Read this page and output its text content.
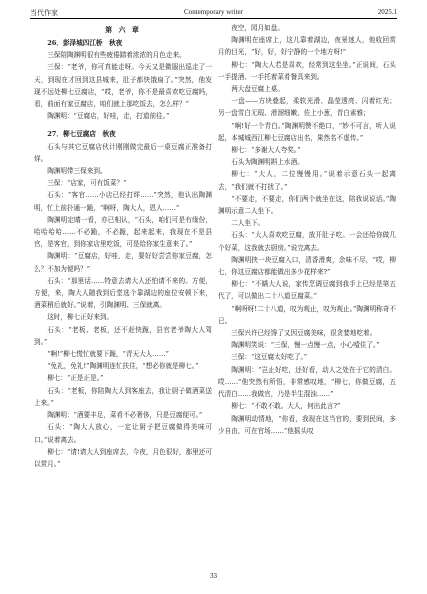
当代作家	Contemporary writer	2025.1
第 六 章

26．彭泽城四江桥　秋夜

三保陪陶渊明很有些疲倦踏着浓浓的月色走来。

三保：“老爷，你可真能走呀。今天又是微服出巡走了一天，到现在才回到这县城来，肚子都快饿扁了。”突然，他发现不远处柳七豆腐店，“哎，老爷，你不是最喜欢吃豆腐吗，看，前面有家豆腐店，咱们就上那吃饭去，怎么样？”

陶渊明：“豆腐店，好哇，走，打道前往。”

27．柳七豆腐店　秋夜

石头与其它豆腐店伙计刚刚做完最后一桌豆腐正准备打烊。

陶渊明带三保来到。

三保：“店家，可有饭菜？”

石头：“客官……小店已经打烊……”突然，他认出陶渊明，忙上前扑通一跪，“啊呀，陶大人，恩人……”

陶渊明定睛一看，亦已相认，“石头，咱们可是有缘份，哈哈哈哈……不必跪，不必跪，起来起来，我现在不是县官，是客官，到你家店里吃饭，可是给你家生意来了。”

陶渊明：“豆腐店，好哇，走，要好好尝尝你家豆腐，怎么？不加为便吗？”

石头：“那里话……特意去请大人还怕请不来的。方便，方便，来，陶大人随我到后堂选个靠湖边的座位安顿下来，酒菜稍后就好。”说着，引陶渊明、三保就离。

这时，柳七正好来到。

石头：“老板、老板，还不赶快跪，县官老爷陶大人驾到。”

“啊!”柳七慌忙就要下跪，“青天大人……”

“免礼，免礼!”陶渊明连忙扶住，“想必你就是柳七。”

柳七：“正是正是。”

石头：“老板，你陪陶大人到客座去，我让厨子做酒菜送上来。”

陶渊明：“酒要丰足，菜肴不必奢侈，只是豆腐便可。”

石头：“陶大人放心，一定让厨子把豆腐做得美味可口。”说着离去。

柳七：“请!请大人到座席去，今夜，月色很好，那里还可以赏月。”

夜空，园月如盘。

陶渊明在座席上，这儿靠着湖边，夜景迷人，他收回赏月的目光，“好，好，好宁静的一个地方呀!”

柳七：“陶大人若是喜欢，经常到这坐坐。”正说间，石头一手提酒、一手托着菜肴餐具来到。

两大盘豆腐上桌。

一盘——方块叠起，柔软光滑、晶莹透亮、闪着红光；另一盘雪白无瑕、滑溜细嫩、佐上小葱，青白素雅；

“啊!好一个青白。”陶渊明赞不绝口，“妙不可言，听人说起，本城城西江柳七豆腐店出名，果然名不虚传。”

柳七：“多谢大人夸奖。”

石头为陶渊明斟上水酒。

柳七：“大人，二位慢慢用。”说着示意石头一起离去，“我们就不打扰了。”

“不要走，不要走，你们两个就坐在这，陪我说说话。”陶渊明示意二人坐下。

二人坐下。

石头：“大人喜欢吃豆腐，放开肚子吃。一会还给你做几个好菜，这我就去厨房。”说完离去。

陶渊明挟一块豆腐入口，清香滑爽，余味不尽，“哎，柳七，你这豆腐店都能做出多少花样来?”

柳七：“不瞒大人说，家传烹调豆腐到我手上已经是第五代了，可以做出二十八道豆腐菜。”

“啊呀呀!二十八道，叹为观止，叹为观止。”陶渊明称奇不已。

三保兴许已经馋了又因豆腐美味，很贪婪地吃着。

陶渊明笑说：“三保，慢一点慢一点，小心噎住了。”

三保：“这豆腐太好吃了。”

陶渊明：“岂止好吃，还好看，动人之处在于它的清白。哎……”他突然有所悟，非常感叹地，“柳七，你做豆腐，五代清白……我做官，乃是半生混浊……”

柳七：“不敢不敢。大人，何出此言?”

陶渊明动情地，“你看，我现在这当官的，要到民间，多少自由，可在官场……”他摇头叹

33
